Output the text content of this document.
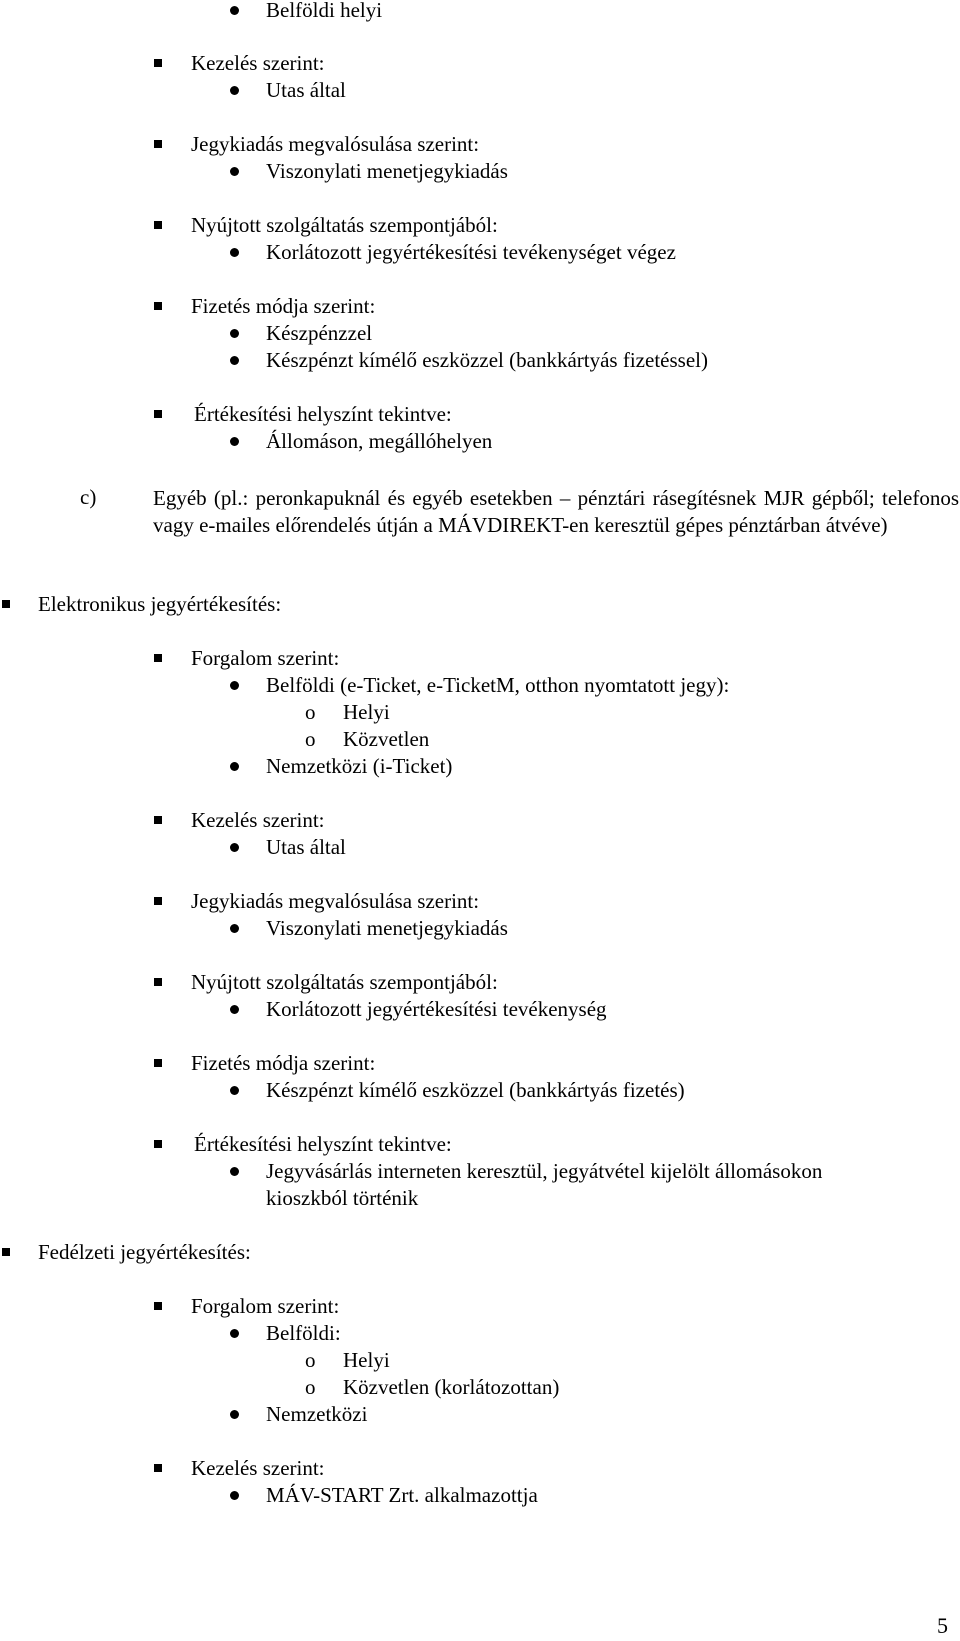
Belföldi helyi
Kezelés szerint:
Utas által
Jegykiadás megvalósulása szerint:
Viszonylati menetjegykiadás
Nyújtott szolgáltatás szempontjából:
Korlátozott jegyértékesítési tevékenységet végez
Fizetés módja szerint:
Készpénzzel
Készpénzt kímélő eszközzel (bankkártyás fizetéssel)
Értékesítési helyszínt tekintve:
Állomáson, megállóhelyen
c)	Egyéb (pl.: peronkapuknál és egyéb esetekben – pénztári rásegítésnek MJR gépből; telefonos vagy e-mailes előrendelés útján a MÁVDIREKT-en keresztül gépes pénztárban átvéve)
Elektronikus jegyértékesítés:
Forgalom szerint:
Belföldi (e-Ticket, e-TicketM, otthon nyomtatott jegy):
o Helyi
o Közvetlen
Nemzetközi (i-Ticket)
Kezelés szerint:
Utas által
Jegykiadás megvalósulása szerint:
Viszonylati menetjegykiadás
Nyújtott szolgáltatás szempontjából:
Korlátozott jegyértékesítési tevékenység
Fizetés módja szerint:
Készpénzt kímélő eszközzel (bankkártyás fizetés)
Értékesítési helyszínt tekintve:
Jegyvásárlás interneten keresztül, jegyátvétel kijelölt állomásokon
kioszkból történik
Fedélzeti jegyértékesítés:
Forgalom szerint:
Belföldi:
o Helyi
o Közvetlen (korlátozottan)
Nemzetközi
Kezelés szerint:
MÁV-START Zrt. alkalmazottja
5
